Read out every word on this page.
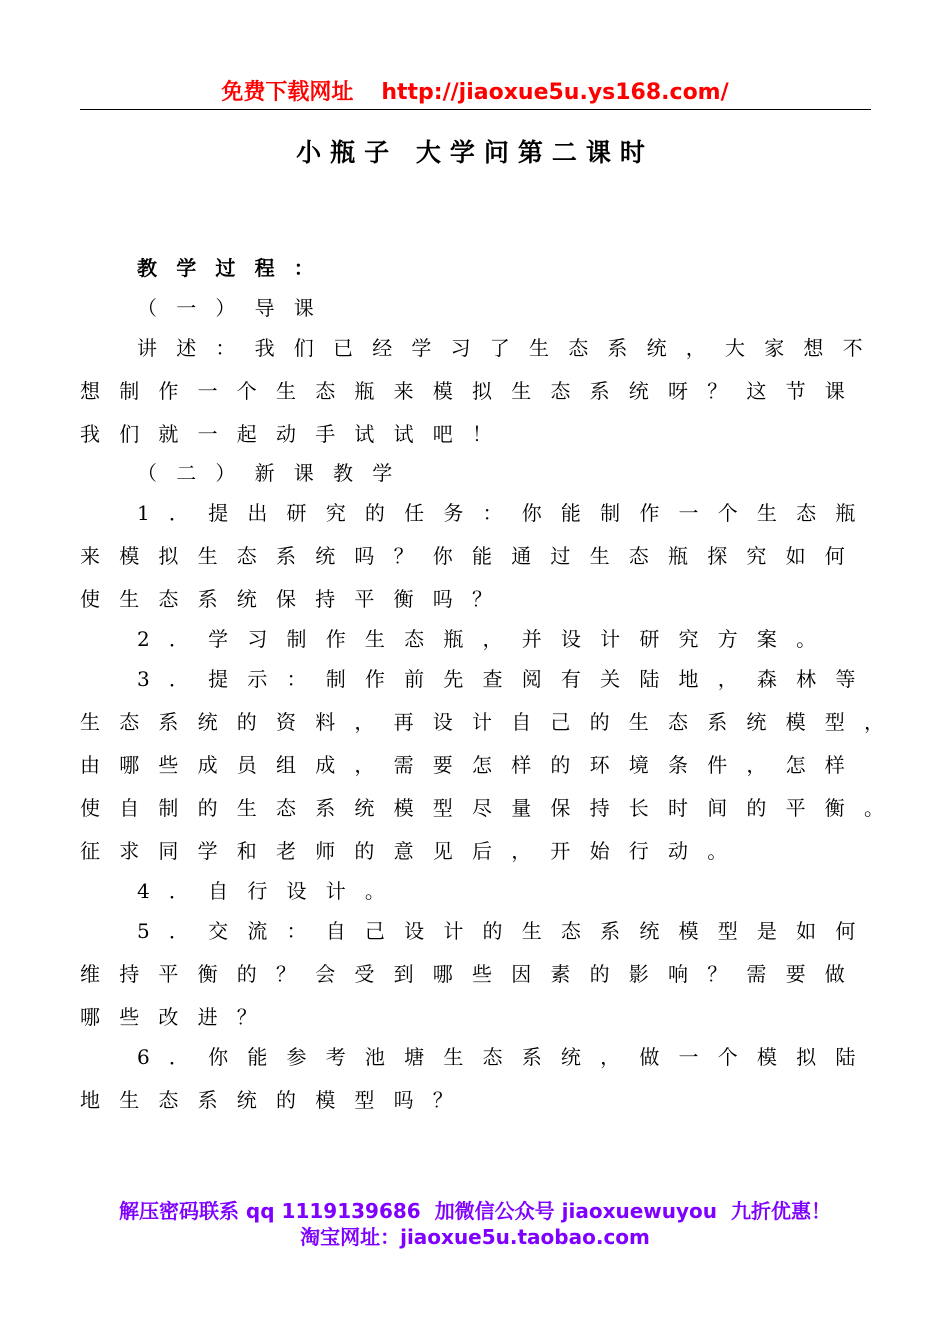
免费下载网址 http://jiaoxue5u.ys168.com/
小瓶子 大学问第二课时
教学过程：
（一）导课
讲述：我们已经学习了生态系统，大家想不
想制作一个生态瓶来模拟生态系统呀？这节课
我们就一起动手试试吧！
（二）新课教学
1．提出研究的任务：你能制作一个生态瓶
来模拟生态系统吗？你能通过生态瓶探究如何
使生态系统保持平衡吗？
2．学习制作生态瓶，并设计研究方案。
3．提示：制作前先查阅有关陆地，森林等
生态系统的资料，再设计自己的生态系统模型，
由哪些成员组成，需要怎样的环境条件，怎样
使自制的生态系统模型尽量保持长时间的平衡。
征求同学和老师的意见后，开始行动。
4．自行设计。
5．交流：自己设计的生态系统模型是如何
维持平衡的？会受到哪些因素的影响？需要做
哪些改进？
6．你能参考池塘生态系统，做一个模拟陆
地生态系统的模型吗？
解压密码联系 qq 1119139686 加微信公众号 jiaoxuewuyou 九折优惠！
淘宝网址：jiaoxue5u.taobao.com
